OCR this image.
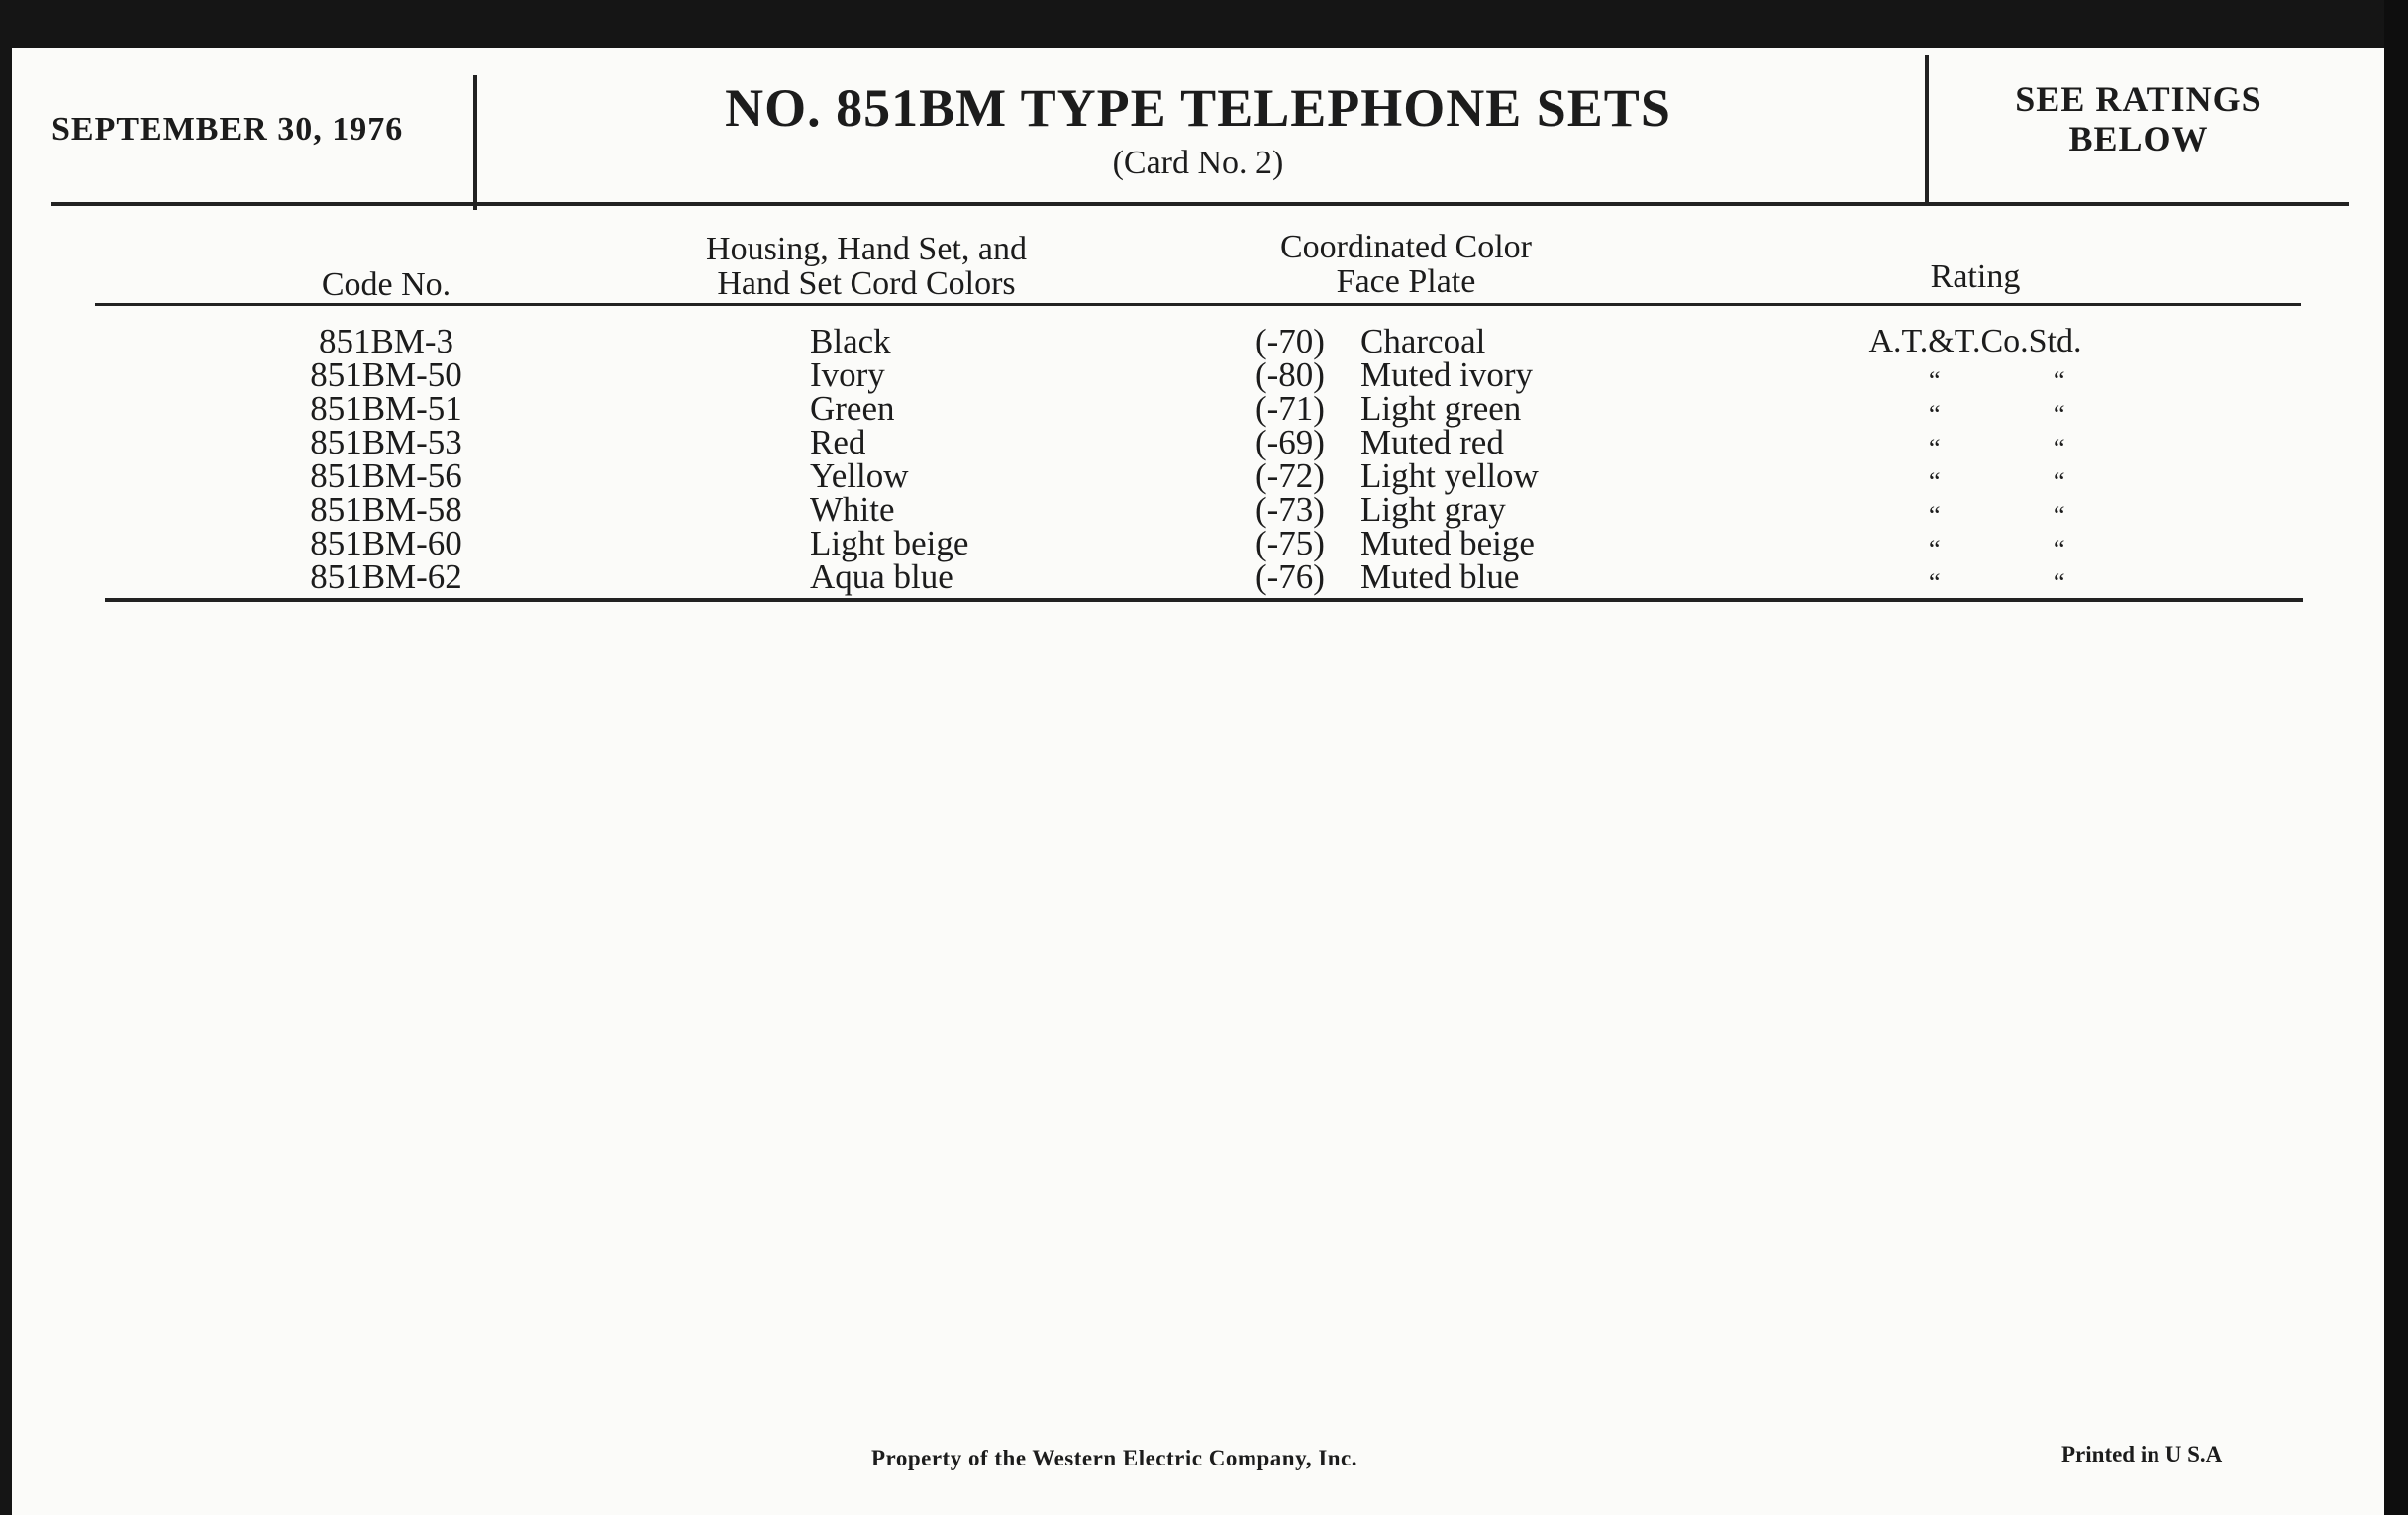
SEPTEMBER 30, 1976	NO. 851BM TYPE TELEPHONE SETS
(Card No. 2)
SEE RATINGS
BELOW
Code No.
Housing, Hand Set, and
Hand Set Cord Colors
Coordinated Color
Face Plate	Rating
851BM-3	Black	(-70) Charcoal	A.T.&T.Co.Std.
851BM-50	Ivory	(-80) Muted ivory	“	“
851BM-51	Green	(-71) Light green	“	“
851BM-53	Red	(-69) Muted red	“	“
851BM-56	Yellow	(-72) Light yellow	“	“
851BM-58	White	(-73) Light gray	“	“
851BM-60	Light beige	(-75) Muted beige	“	“
851BM-62	Aqua blue	(-76) Muted blue	“	“
Property of the Western Electric Company, Inc.	Printed in U S.A
